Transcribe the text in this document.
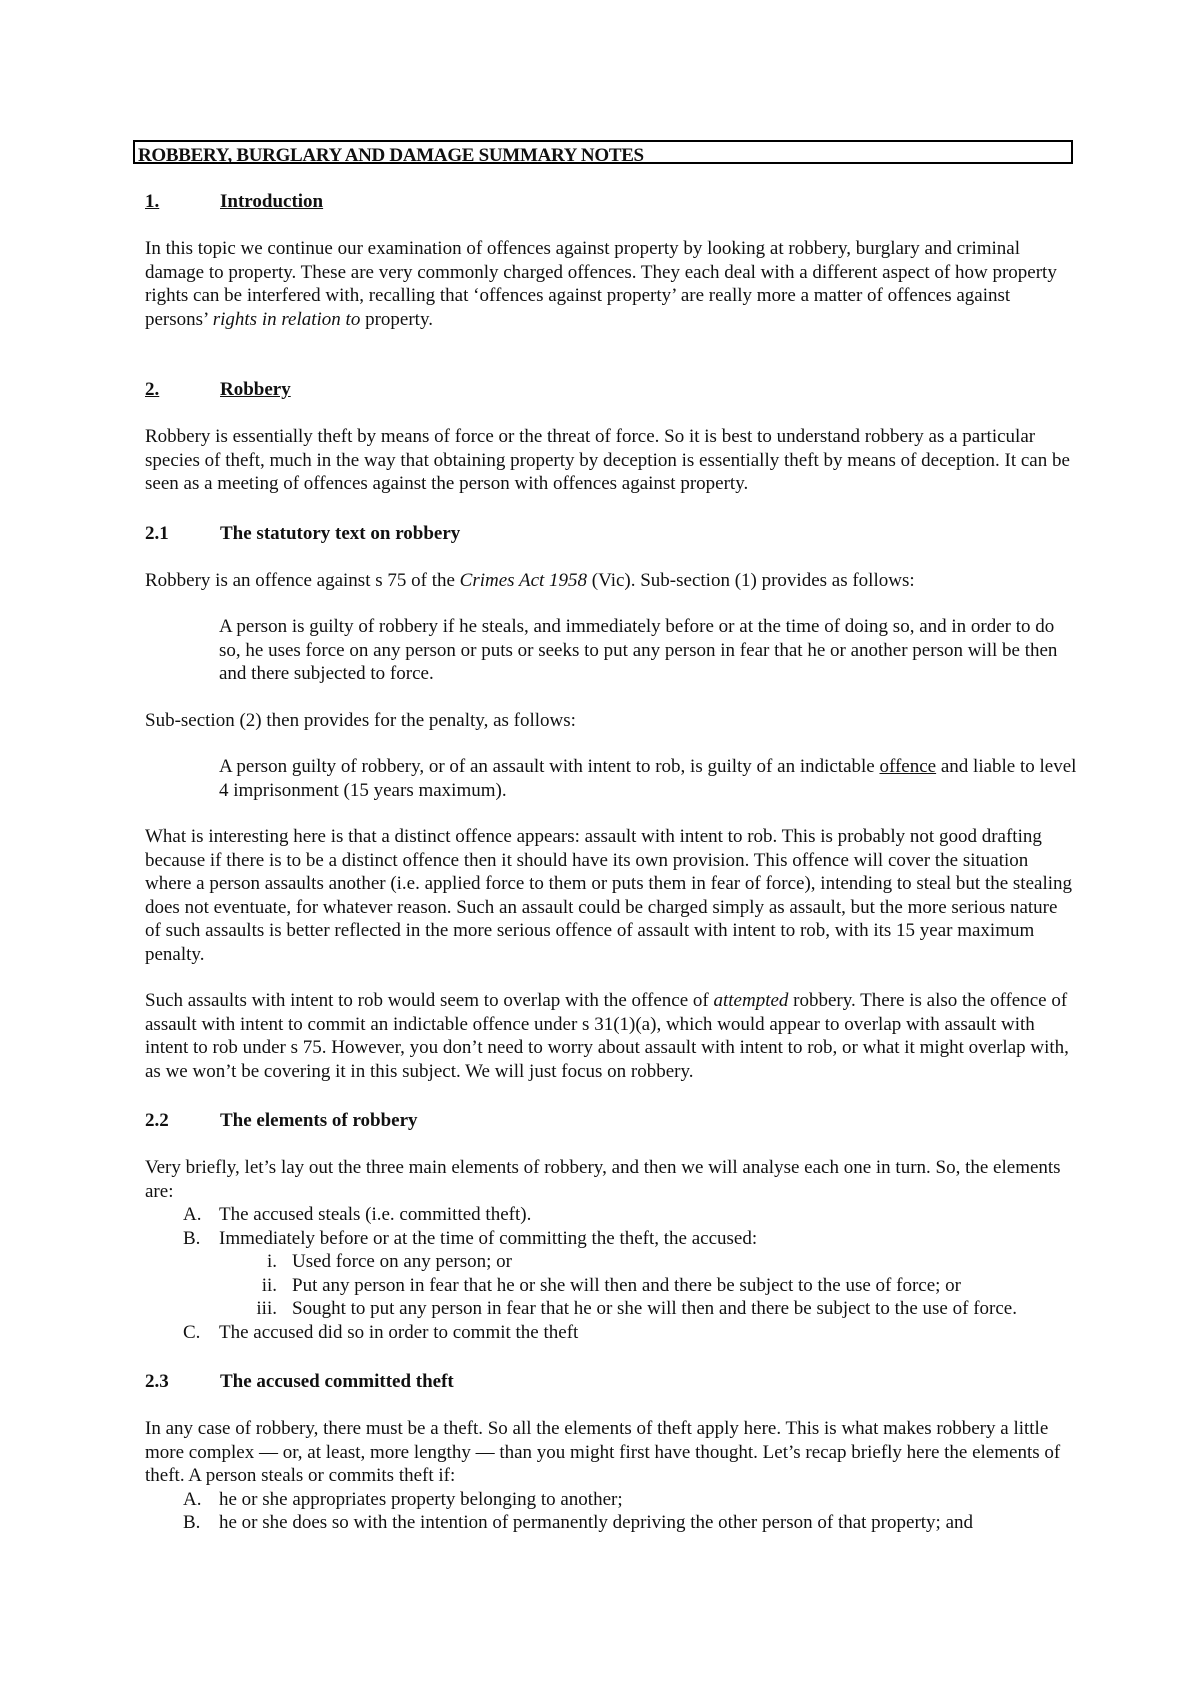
ROBBERY, BURGLARY AND DAMAGE SUMMARY NOTES
1.	Introduction
In this topic we continue our examination of offences against property by looking at robbery, burglary and criminal damage to property. These are very commonly charged offences. They each deal with a different aspect of how property rights can be interfered with, recalling that ‘offences against property’ are really more a matter of offences against persons’ rights in relation to property.
2.	Robbery
Robbery is essentially theft by means of force or the threat of force. So it is best to understand robbery as a particular species of theft, much in the way that obtaining property by deception is essentially theft by means of deception. It can be seen as a meeting of offences against the person with offences against property.
2.1	The statutory text on robbery
Robbery is an offence against s 75 of the Crimes Act 1958 (Vic). Sub-section (1) provides as follows:
A person is guilty of robbery if he steals, and immediately before or at the time of doing so, and in order to do so, he uses force on any person or puts or seeks to put any person in fear that he or another person will be then and there subjected to force.
Sub-section (2) then provides for the penalty, as follows:
A person guilty of robbery, or of an assault with intent to rob, is guilty of an indictable offence and liable to level 4 imprisonment (15 years maximum).
What is interesting here is that a distinct offence appears: assault with intent to rob. This is probably not good drafting because if there is to be a distinct offence then it should have its own provision. This offence will cover the situation where a person assaults another (i.e. applied force to them or puts them in fear of force), intending to steal but the stealing does not eventuate, for whatever reason. Such an assault could be charged simply as assault, but the more serious nature of such assaults is better reflected in the more serious offence of assault with intent to rob, with its 15 year maximum penalty.
Such assaults with intent to rob would seem to overlap with the offence of attempted robbery. There is also the offence of assault with intent to commit an indictable offence under s 31(1)(a), which would appear to overlap with assault with intent to rob under s 75. However, you don’t need to worry about assault with intent to rob, or what it might overlap with, as we won’t be covering it in this subject. We will just focus on robbery.
2.2	The elements of robbery
Very briefly, let’s lay out the three main elements of robbery, and then we will analyse each one in turn. So, the elements are:
A. The accused steals (i.e. committed theft).
B. Immediately before or at the time of committing the theft, the accused:
i. Used force on any person; or
ii. Put any person in fear that he or she will then and there be subject to the use of force; or
iii. Sought to put any person in fear that he or she will then and there be subject to the use of force.
C. The accused did so in order to commit the theft
2.3	The accused committed theft
In any case of robbery, there must be a theft. So all the elements of theft apply here. This is what makes robbery a little more complex — or, at least, more lengthy — than you might first have thought. Let’s recap briefly here the elements of theft. A person steals or commits theft if:
A. he or she appropriates property belonging to another;
B. he or she does so with the intention of permanently depriving the other person of that property; and
